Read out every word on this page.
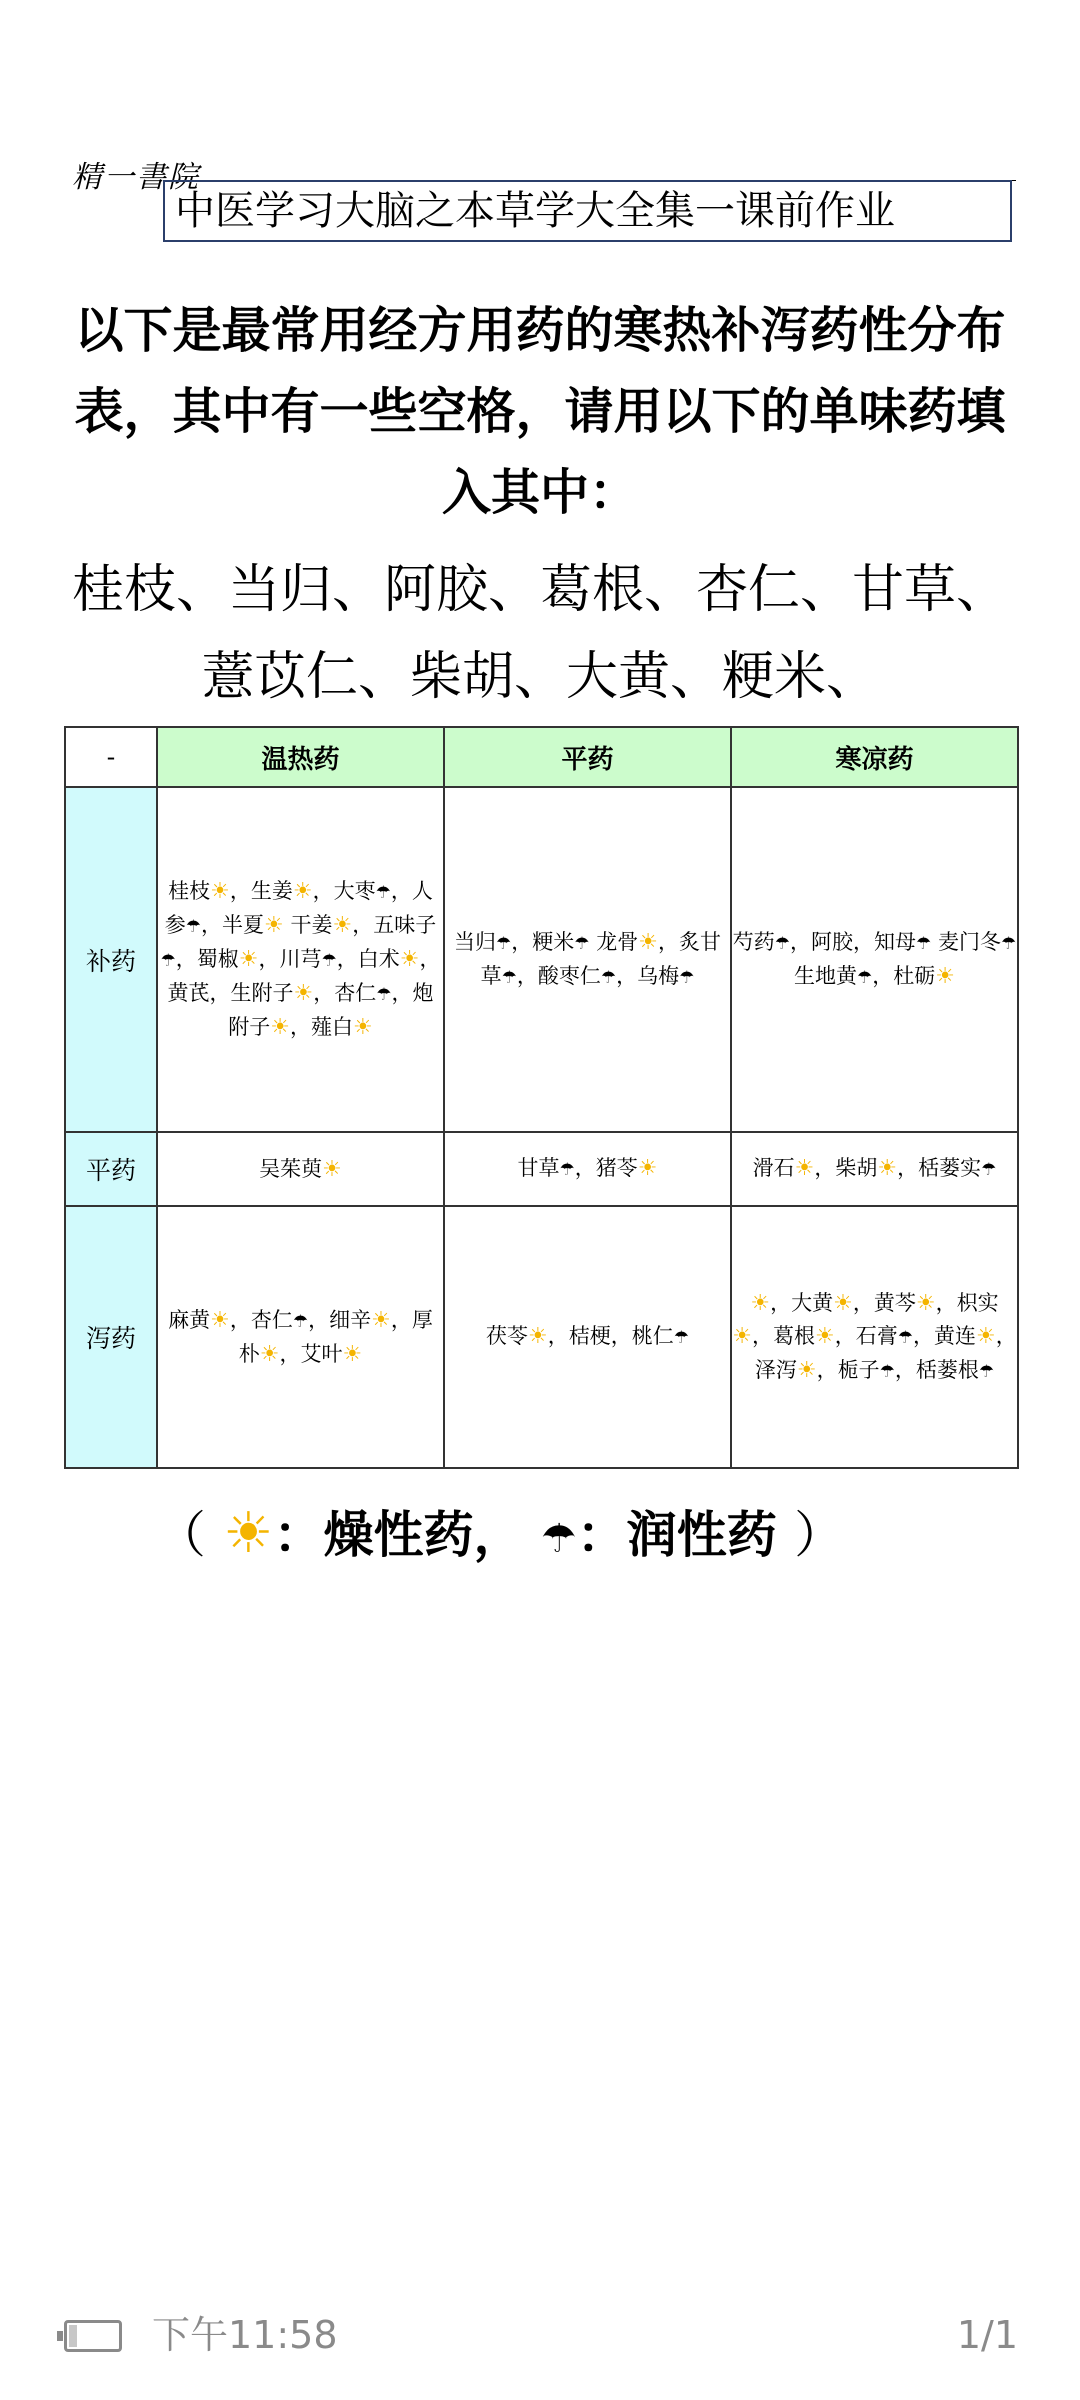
精一書院
中医学习大脑之本草学大全集一课前作业
以下是最常用经方用药的寒热补泻药性分布表，其中有一些空格，请用以下的单味药填入其中：
桂枝、当归、阿胶、葛根、杏仁、甘草、
薏苡仁、柴胡、大黄、粳米、
-	温热药	平药	寒凉药
补药	桂枝☀，生姜☀，大枣☂，人参☂，半夏☀ 干姜☀，五味子☂，蜀椒☀，川芎☂，白术☀，黄芪，生附子☀，杏仁☂，炮附子☀，薤白☀	当归☂，粳米☂ 龙骨☀，炙甘草☂，酸枣仁☂，乌梅☂	芍药☂，阿胶，知母☂ 麦门冬☂ 生地黄☂，杜砺☀
平药	吴茱萸☀	甘草☂，猪苓☀	滑石☀，柴胡☀，栝蒌实☂
泻药	麻黄☀，杏仁☂，细辛☀，厚朴☀，艾叶☀	茯苓☀，桔梗，桃仁☂	☀，大黄☀，黄芩☀，枳实☀，葛根☀，石膏☂，黄连☀，泽泻☀，栀子☂，栝蒌根☂
（ ☀：燥性药， ☂：润性药 ）
下午11:58	1/1
